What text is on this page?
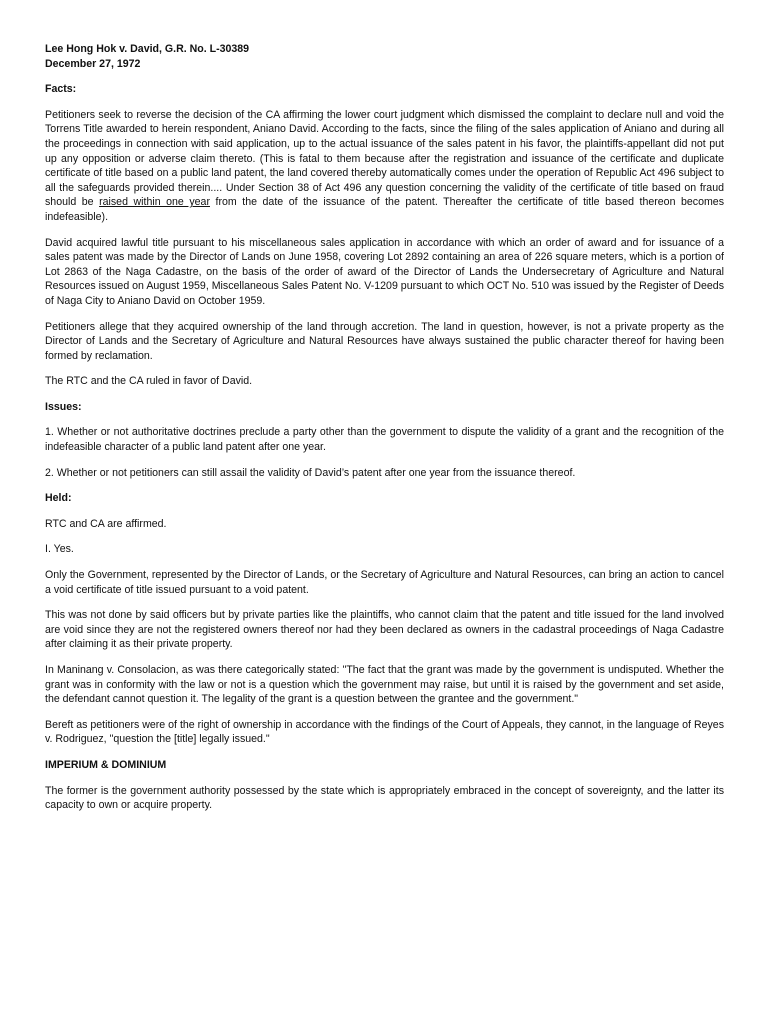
Lee Hong Hok v. David, G.R. No. L-30389
December 27, 1972
Facts:

Petitioners seek to reverse the decision of the CA affirming the lower court judgment which dismissed the complaint to declare null and void the Torrens Title awarded to herein respondent, Aniano David. According to the facts, since the filing of the sales application of Aniano and during all the proceedings in connection with said application, up to the actual issuance of the sales patent in his favor, the plaintiffs-appellant did not put up any opposition or adverse claim thereto. (This is fatal to them because after the registration and issuance of the certificate and duplicate certificate of title based on a public land patent, the land covered thereby automatically comes under the operation of Republic Act 496 subject to all the safeguards provided therein.... Under Section 38 of Act 496 any question concerning the validity of the certificate of title based on fraud should be raised within one year from the date of the issuance of the patent. Thereafter the certificate of title based thereon becomes indefeasible).

David acquired lawful title pursuant to his miscellaneous sales application in accordance with which an order of award and for issuance of a sales patent was made by the Director of Lands on June 1958, covering Lot 2892 containing an area of 226 square meters, which is a portion of Lot 2863 of the Naga Cadastre, on the basis of the order of award of the Director of Lands the Undersecretary of Agriculture and Natural Resources issued on August 1959, Miscellaneous Sales Patent No. V-1209 pursuant to which OCT No. 510 was issued by the Register of Deeds of Naga City to Aniano David on October 1959.

Petitioners allege that they acquired ownership of the land through accretion. The land in question, however, is not a private property as the Director of Lands and the Secretary of Agriculture and Natural Resources have always sustained the public character thereof for having been formed by reclamation.

The RTC and the CA ruled in favor of David.

Issues:

1. Whether or not authoritative doctrines preclude a party other than the government to dispute the validity of a grant and the recognition of the indefeasible character of a public land patent after one year.

2. Whether or not petitioners can still assail the validity of David’s patent after one year from the issuance thereof.

Held:

RTC and CA are affirmed.

I. Yes.

Only the Government, represented by the Director of Lands, or the Secretary of Agriculture and Natural Resources, can bring an action to cancel a void certificate of title issued pursuant to a void patent.

This was not done by said officers but by private parties like the plaintiffs, who cannot claim that the patent and title issued for the land involved are void since they are not the registered owners thereof nor had they been declared as owners in the cadastral proceedings of Naga Cadastre after claiming it as their private property.

In Maninang v. Consolacion, as was there categorically stated: "The fact that the grant was made by the government is undisputed. Whether the grant was in conformity with the law or not is a question which the government may raise, but until it is raised by the government and set aside, the defendant cannot question it. The legality of the grant is a question between the grantee and the government."

Bereft as petitioners were of the right of ownership in accordance with the findings of the Court of Appeals, they cannot, in the language of Reyes v. Rodriguez, "question the [title] legally issued."

IMPERIUM & DOMINIUM

The former is the government authority possessed by the state which is appropriately embraced in the concept of sovereignty, and the latter its capacity to own or acquire property.
